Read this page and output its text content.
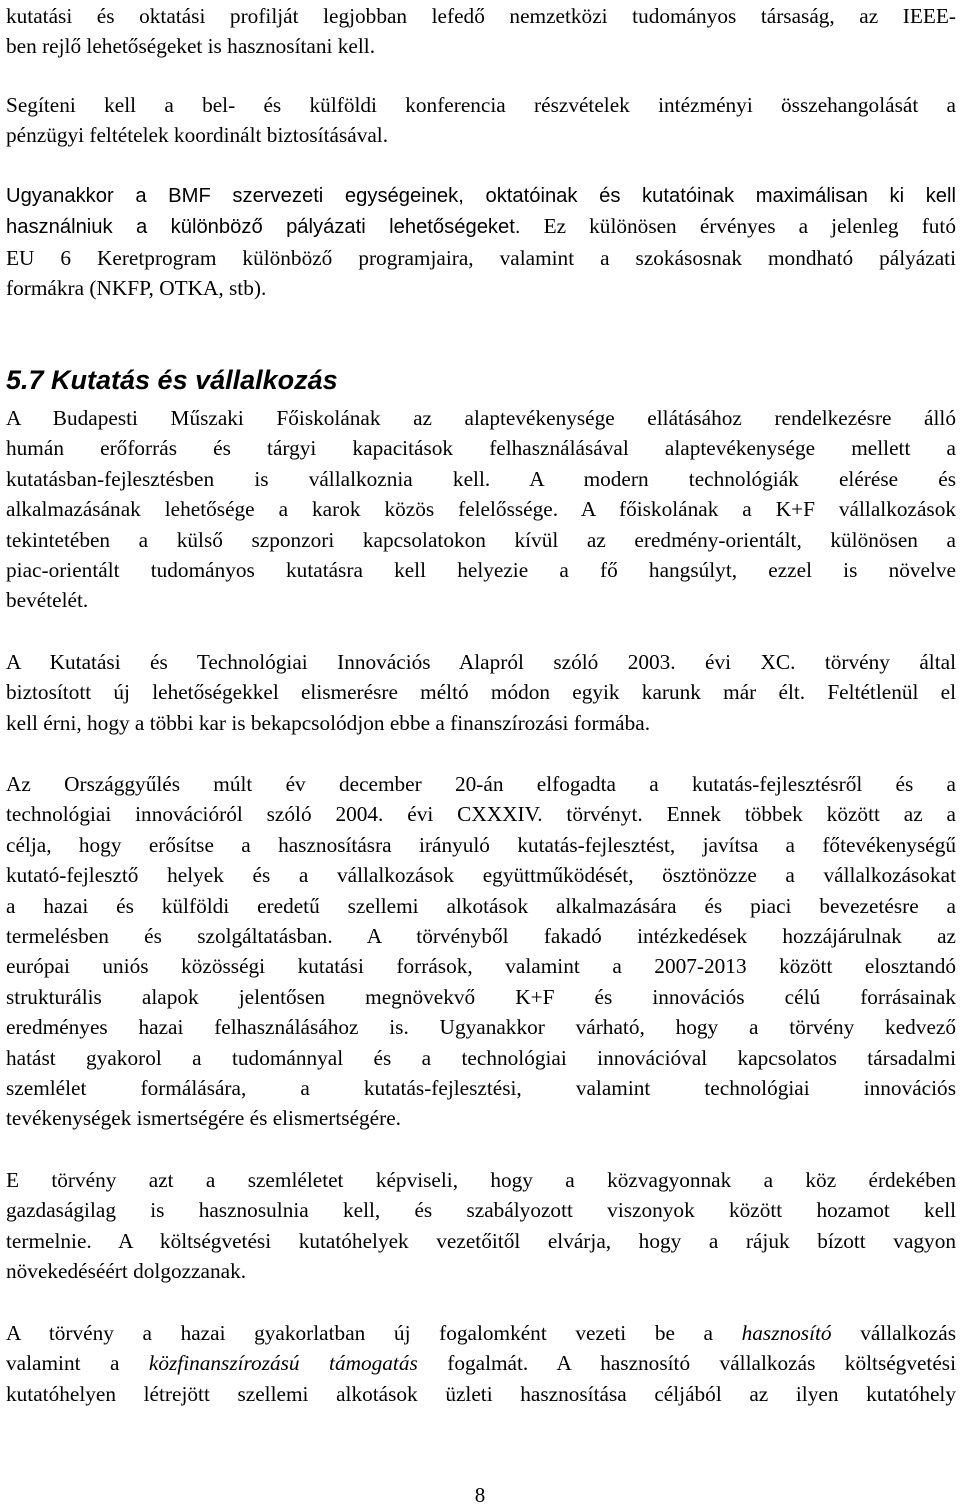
kutatási és oktatási profilját legjobban lefedő nemzetközi tudományos társaság, az IEEE-
ben rejlő lehetőségeket is hasznosítani kell.

Segíteni kell a bel- és külföldi konferencia részvételek intézményi összehangolását a
pénzügyi feltételek koordinált biztosításával.

Ugyanakkor a BMF szervezeti egységeinek, oktatóinak és kutatóinak maximálisan ki kell
használniuk a különböző pályázati lehetőségeket. Ez különösen érvényes a jelenleg futó
EU 6 Keretprogram különböző programjaira, valamint a szokásosnak mondható pályázati
formákra (NKFP, OTKA, stb).

5.7 Kutatás és vállalkozás

A Budapesti Műszaki Főiskolának az alaptevékenysége ellátásához rendelkezésre álló
humán erőforrás és tárgyi kapacitások felhasználásával alaptevékenysége mellett a
kutatásban-fejlesztésben is vállalkoznia kell. A modern technológiák elérése és
alkalmazásának lehetősége a karok közös felelőssége. A főiskolának a K+F vállalkozások
tekintetében a külső szponzori kapcsolatokon kívül az eredmény-orientált, különösen a
piac-orientált tudományos kutatásra kell helyezie a fő hangsúlyt, ezzel is növelve
bevételét.

A Kutatási és Technológiai Innovációs Alapról szóló 2003. évi XC. törvény által
biztosított új lehetőségekkel elismerésre méltó módon egyik karunk már élt. Feltétlenül el
kell érni, hogy a többi kar is bekapcsolódjon ebbe a finanszírozási formába.

Az Országgyűlés múlt év december 20-án elfogadta a kutatás-fejlesztésről és a
technológiai innovációról szóló 2004. évi CXXXIV. törvényt. Ennek többek között az a
célja, hogy erősítse a hasznosításra irányuló kutatás-fejlesztést, javítsa a főtevékenységű
kutató-fejlesztő helyek és a vállalkozások együttműködését, ösztönözze a vállalkozásokat
a hazai és külföldi eredetű szellemi alkotások alkalmazására és piaci bevezetésre a
termelésben és szolgáltatásban. A törvényből fakadó intézkedések hozzájárulnak az
európai uniós közösségi kutatási források, valamint a 2007-2013 között elosztandó
strukturális alapok jelentősen megnövekvő K+F és innovációs célú forrásainak
eredményes hazai felhasználásához is. Ugyanakkor várható, hogy a törvény kedvező
hatást gyakorol a tudománnyal és a technológiai innovációval kapcsolatos társadalmi
szemlélet formálására, a kutatás-fejlesztési, valamint technológiai innovációs
tevékenységek ismertségére és elismertségére.

E törvény azt a szemléletet képviseli, hogy a közvagyonnak a köz érdekében
gazdaságilag is hasznosulnia kell, és szabályozott viszonyok között hozamot kell
termelnie. A költségvetési kutatóhelyek vezetőitől elvárja, hogy a rájuk bízott vagyon
növekedéséért dolgozzanak.

A törvény a hazai gyakorlatban új fogalomként vezeti be a hasznosító vállalkozás
valamint a közfinanszírozású támogatás fogalmát. A hasznosító vállalkozás költségvetési
kutatóhelyen létrejött szellemi alkotások üzleti hasznosítása céljából az ilyen kutatóhely

8
